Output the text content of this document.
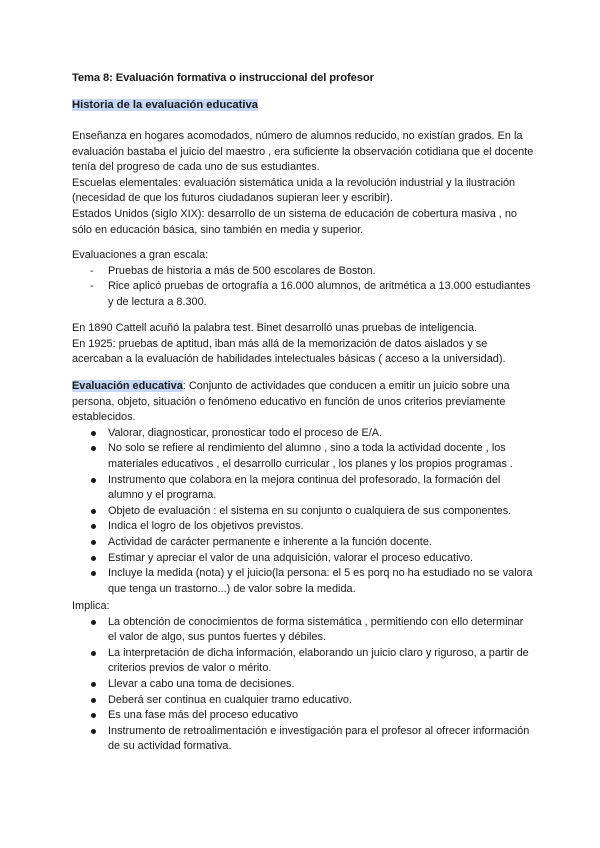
Tema 8: Evaluación formativa o instruccional del profesor
Historia de la evaluación educativa

Enseñanza en hogares acomodados, número de alumnos reducido, no existían grados. En la evaluación bastaba el juicio del maestro , era suficiente la observación cotidiana que el docente tenía del progreso de cada uno de sus estudiantes.

Escuelas elementales: evaluación sistemática unida a la revolución industrial y la ilustración (necesidad de que los futuros ciudadanos supieran leer y escribir).

Estados Unidos (siglo XIX): desarrollo de un sistema de educación de cobertura masiva , no sólo en educación básica, sino también en media y superior.

Evaluaciones a gran escala:

- Pruebas de historia a más de 500 escolares de Boston.
- Rice aplicó pruebas de ortografía a 16.000 alumnos, de aritmética a 13.000 estudiantes y de lectura a 8.300.

En 1890 Cattell acuñó la palabra test. Binet desarrolló unas pruebas de inteligencia.

En 1925: pruebas de aptitud, iban más allá de la memorización de datos aislados y se acercaban a la evaluación de habilidades intelectuales básicas ( acceso a la universidad).

Evaluación educativa: Conjunto de actividades que conducen a emitir un juicio sobre una persona, objeto, situación o fenómeno educativo en función de unos criterios previamente establecidos.

Valorar, diagnosticar, pronosticar todo el proceso de E/A.
No solo se refiere al rendimiento del alumno , sino a toda la actividad docente , los materiales educativos , el desarrollo curricular , los planes y los propios programas .
Instrumento que colabora en la mejora continua del profesorado, la formación del alumno y el programa.
Objeto de evaluación : el sistema en su conjunto o cualquiera de sus componentes.
Indica el logro de los objetivos previstos.
Actividad de carácter permanente e inherente a la función docente.
Estimar y apreciar el valor de una adquisición, valorar el proceso educativo.
Incluye la medida (nota) y el juicio(la persona: el 5 es porq no ha estudiado no se valora que tenga un trastorno...) de valor sobre la medida.

Implica:

La obtención de conocimientos de forma sistemática , permitiendo con ello determinar el valor de algo, sus puntos fuertes y débiles.
La interpretación de dicha información, elaborando un juicio claro y riguroso, a partir de criterios previos de valor o mérito.
Llevar a cabo una toma de decisiones.
Deberá ser continua en cualquier tramo educativo.
Es una fase más del proceso educativo
Instrumento de retroalimentación e investigación para el profesor al ofrecer información de su actividad formativa.
